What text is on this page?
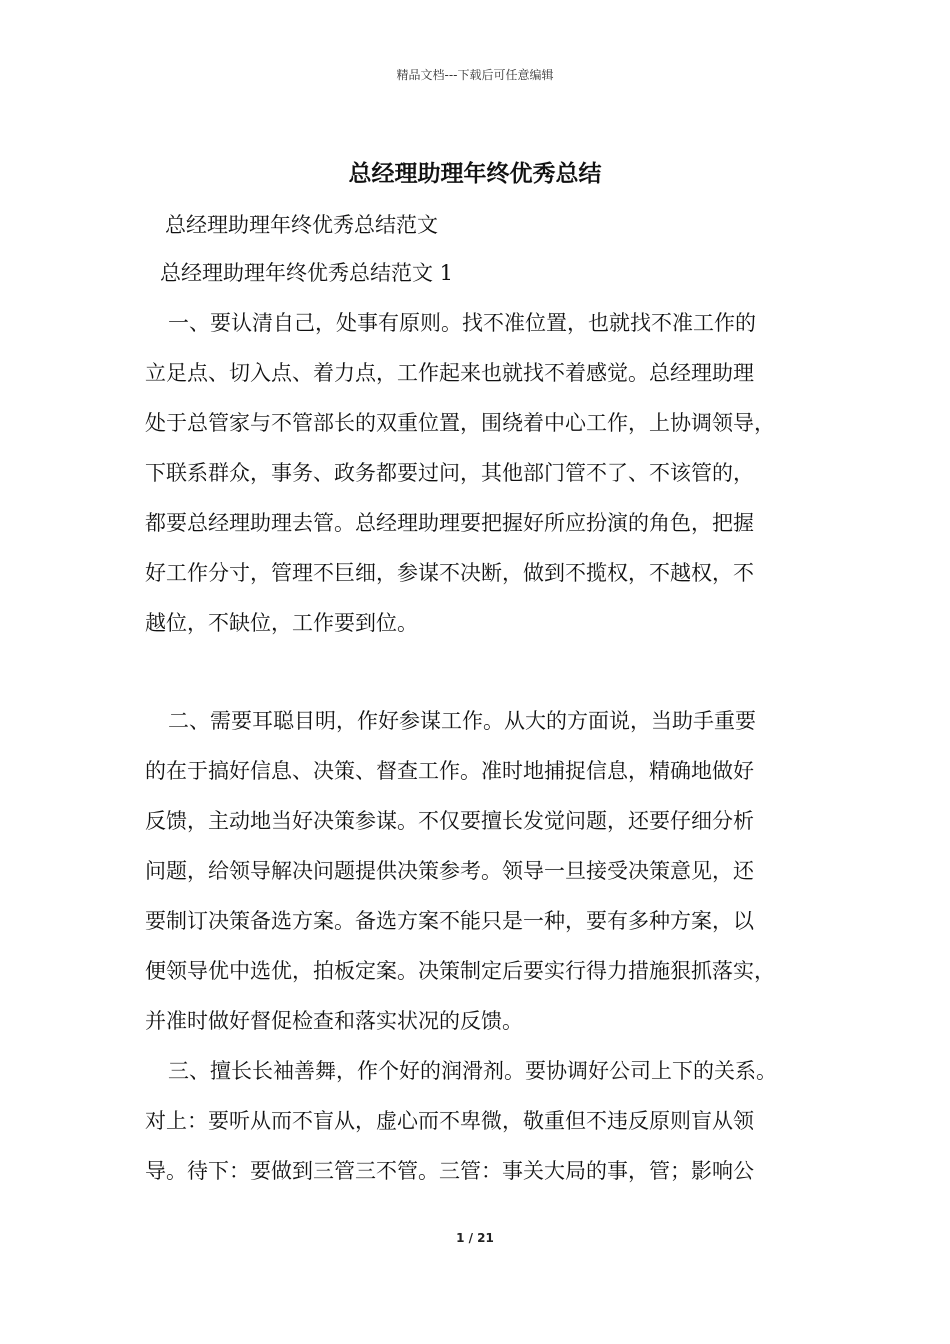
精品文档---下载后可任意编辑
总经理助理年终优秀总结
总经理助理年终优秀总结范文
总经理助理年终优秀总结范文 1
一、要认清自己，处事有原则。找不准位置，也就找不准工作的
立足点、切入点、着力点，工作起来也就找不着感觉。总经理助理
处于总管家与不管部长的双重位置，围绕着中心工作，上协调领导，
下联系群众，事务、政务都要过问，其他部门管不了、不该管的，
都要总经理助理去管。总经理助理要把握好所应扮演的角色，把握
好工作分寸，管理不巨细，参谋不决断，做到不揽权，不越权，不
越位，不缺位，工作要到位。
二、需要耳聪目明，作好参谋工作。从大的方面说，当助手重要
的在于搞好信息、决策、督查工作。准时地捕捉信息，精确地做好
反馈，主动地当好决策参谋。不仅要擅长发觉问题，还要仔细分析
问题，给领导解决问题提供决策参考。领导一旦接受决策意见，还
要制订决策备选方案。备选方案不能只是一种，要有多种方案，以
便领导优中选优，拍板定案。决策制定后要实行得力措施狠抓落实，
并准时做好督促检查和落实状况的反馈。
三、擅长长袖善舞，作个好的润滑剂。要协调好公司上下的关系。
对上：要听从而不盲从，虚心而不卑微，敬重但不违反原则盲从领
导。待下：要做到三管三不管。三管：事关大局的事，管；影响公
1 / 21
